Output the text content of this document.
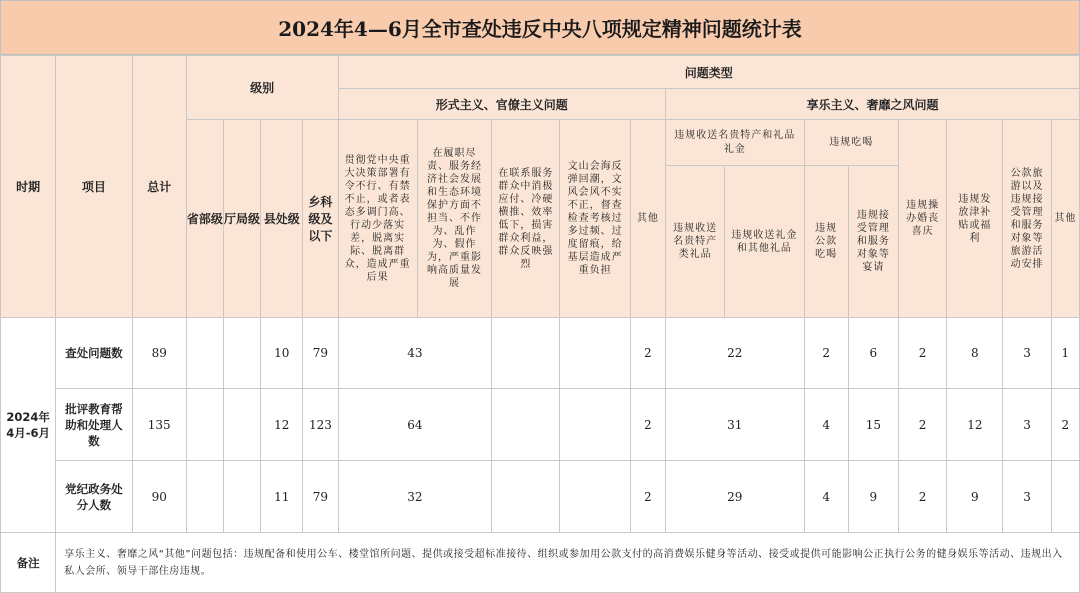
2024年4—6月全市查处违反中央八项规定精神问题统计表
时期	项目	总计	级别				问题类型												
							形式主义、官僚主义问题					享乐主义、奢靡之风问题							
			省部级	厅局级	县处级	乡科级及以下	贯彻党中央重大决策部署有令不行、有禁不止，或者表态多调门高、行动少落实差，脱离实际、脱离群众，造成严重后果	在履职尽责、服务经济社会发展和生态环境保护方面不担当、不作为、乱作为、假作为，严重影响高质量发展	在联系服务群众中消极应付、冷硬横推、效率低下，损害群众利益，群众反映强烈	文山会海反弹回潮，文风会风不实不正，督查检查考核过多过频、过度留痕，给基层造成严重负担	其他	违规收送名贵特产和礼品礼金		违规吃喝		违规操办婚丧喜庆	违规发放津补贴或福利	公款旅游以及违规接受管理和服务对象等旅游活动安排	其他
												违规收送名贵特产类礼品	违规收送礼金和其他礼品	违规公款吃喝	违规接受管理和服务对象等宴请				
2024年4月-6月	查处问题数	89			10	79	43				2	22		2	6	2	8	3	1
	批评教育帮助和处理人数	135			12	123	64				2	31		4	15	2	12	3	2
	党纪政务处分人数	90			11	79	32				2	29		4	9	2	9	3	
备注	享乐主义、奢靡之风“其他”问题包括：违规配备和使用公车、楼堂馆所问题、提供或接受超标准接待、组织或参加用公款支付的高消费娱乐健身等活动、接受或提供可能影响公正执行公务的健身娱乐等活动、违规出入私人会所、领导干部住房违规。																		
